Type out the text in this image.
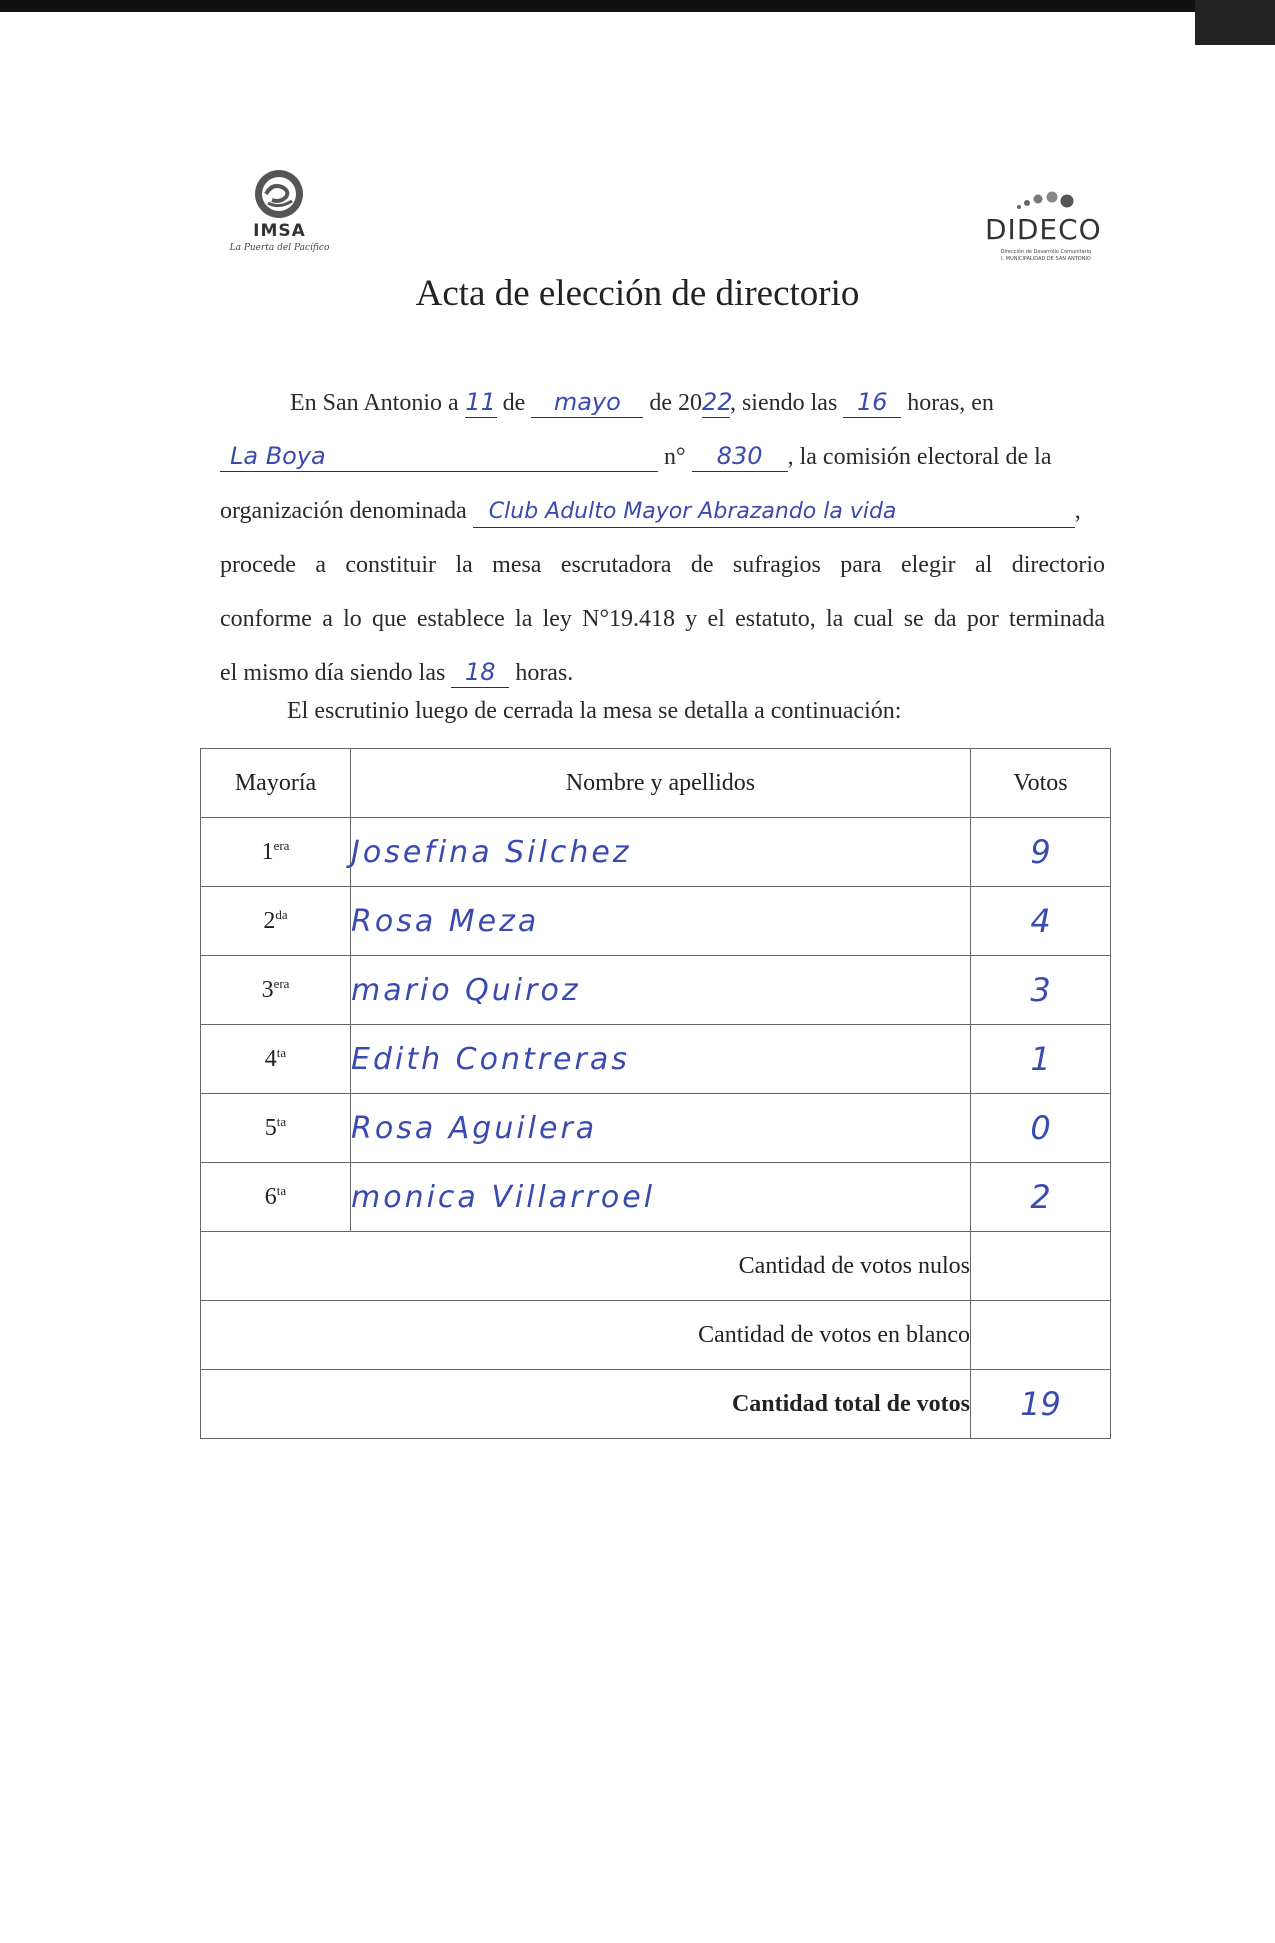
IMSA
La Puerta del Pacífico
DIDECO
Dirección de Desarrollo Comunitario
I. MUNICIPALIDAD DE SAN ANTONIO
Acta de elección de directorio
En San Antonio a 11 de mayo de 2022, siendo las 16 horas, en
La Boya	n° 830 , la comisión electoral de la
organización denominada Club Adulto Mayor Abrazando la vida	,
procede a constituir la mesa escrutadora de sufragios para elegir al directorio
conforme a lo que establece la ley N°19.418 y el estatuto, la cual se da por terminada
el mismo día siendo las 18 horas.
El escrutinio luego de cerrada la mesa se detalla a continuación:
Mayoría	Nombre y apellidos	Votos
$1^{era}$	Josefina Silchez	9
$2^{da}$	Rosa Meza	4
$3^{era}$	mario Quiroz	3
$4^{ta}$	Edith Contreras	1
$5^{ta}$	Rosa Aguilera	0
$6^{ta}$	monica Villarroel	2
Cantidad de votos nulos		
Cantidad de votos en blanco		
Cantidad total de votos		19
